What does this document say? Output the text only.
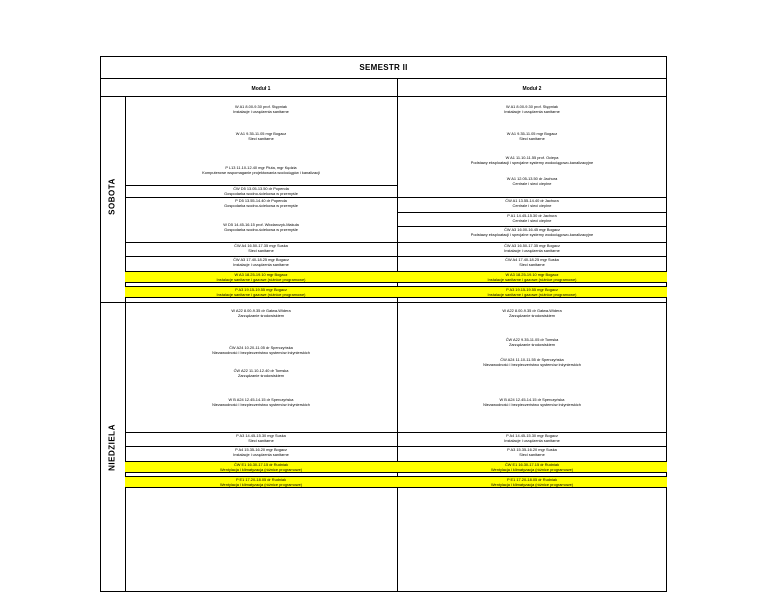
SEMESTR II
Moduł 1	Moduł 2
SOBOTA
NIEDZIELA
W A1 8.00-9.30 prof. Stępniak
Instalacje i urządzenia sanitarne
W A1 9.35-11.05 mgr Bogacz
Sieci sanitarne
P L13 11.10-12.40 mgr Pluta, mgr Kędzia
Komputerowe wspomaganie projektowania wodociągów i kanalizacji
ĆW D5 13.05-13.50 dr Popenda
Gospodarka wodno-ściekowa w przemyśle
P D5 13.55-14.40 dr Popenda
Gospodarka wodno-ściekowa w przemyśle
W D5 14.45-16.15 prof. Włodarczyk-Makuła
Gospodarka wodno-ściekowa w przemyśle
ĆW A4 16.50-17.35 mgr Suska
Sieci sanitarne
ĆW A3 17.40-18.25 mgr Bogacz
Instalacje i urządzenia sanitarne
W A3 18.25-19.10 mgr Bogacz
Instalacje sanitarne i gazowe (różnice programowe)
P A3 19.15-19.55 mgr Bogacz
Instalacje sanitarne i gazowe (różnice programowe)
W A1 8.00-9.30 prof. Stępniak
Instalacje i urządzenia sanitarne
W A1 9.35-11.05 mgr Bogacz
Sieci sanitarne
W A1 11.10-11.55 prof. Ociepa
Podstawy eksploatacji i specjalne systemy wodociągowo-kanalizacyjne
W A1 12.05-13.50 dr Jachura
Centrale i sieci cieplne
ĆW A1 13.55-14.40 dr Jachura
Centrale i sieci cieplne
P A1 14.45-15.30 dr Jachura
Centrale i sieci cieplne
ĆW A3 16.00-16.45 mgr Bogacz
Podstawy eksploatacji i specjalne systemy wodociągowo-kanalizacyjne
ĆW A3 16.50-17.35 mgr Bogacz
Instalacje i urządzenia sanitarne
ĆW A4 17.40-18.25 mgr Suska
Sieci sanitarne
W A3 18.25-19.10 mgr Bogacz
Instalacje sanitarne i gazowe (różnice programowe)
P A3 19.15-19.55 mgr Bogacz
Instalacje sanitarne i gazowe (różnice programowe)
W A22 8.00-9.35 dr Gałwa-Widera
Zarządzanie środowiskiem
ĆW A24 10.20-11.05 dr Sperczyńska
Niezawodność i bezpieczeństwo systemów inżynierskich
ĆW A22 11.10-12.40 dr Tomska
Zarządzanie środowiskiem
W B A24 12.45-14.15 dr Sperczyńska
Niezawodność i bezpieczeństwo systemów inżynierskich
P A3 14.45-15.30 mgr Suska
Sieci sanitarne
P A4 15.35-16.20 mgr Bogacz
Instalacje i urządzenia sanitarne
ĆW E1 16.30-17.15 dr Rudniak
Wentylacja i klimatyzacja (różnice programowe)
P E1 17.20-18.05 dr Rudniak
Wentylacja i klimatyzacja (różnice programowe)
W A22 8.00-9.35 dr Gałwa-Widera
Zarządzanie środowiskiem
ĆW A22 9.35-11.05 dr Tomska
Zarządzanie środowiskiem
ĆW A24 11.10-11.55 dr Sperczyńska
Niezawodność i bezpieczeństwo systemów inżynierskich
W B A24 12.45-14.15 dr Sperczyńska
Niezawodność i bezpieczeństwo systemów inżynierskich
P A4 14.45-15.30 mgr Bogacz
Instalacje i urządzenia sanitarne
P A3 15.35-16.20 mgr Suska
Sieci sanitarne
ĆW E1 16.30-17.15 dr Rudniak
Wentylacja i klimatyzacja (różnice programowe)
P E1 17.20-18.05 dr Rudniak
Wentylacja i klimatyzacja (różnice programowe)
